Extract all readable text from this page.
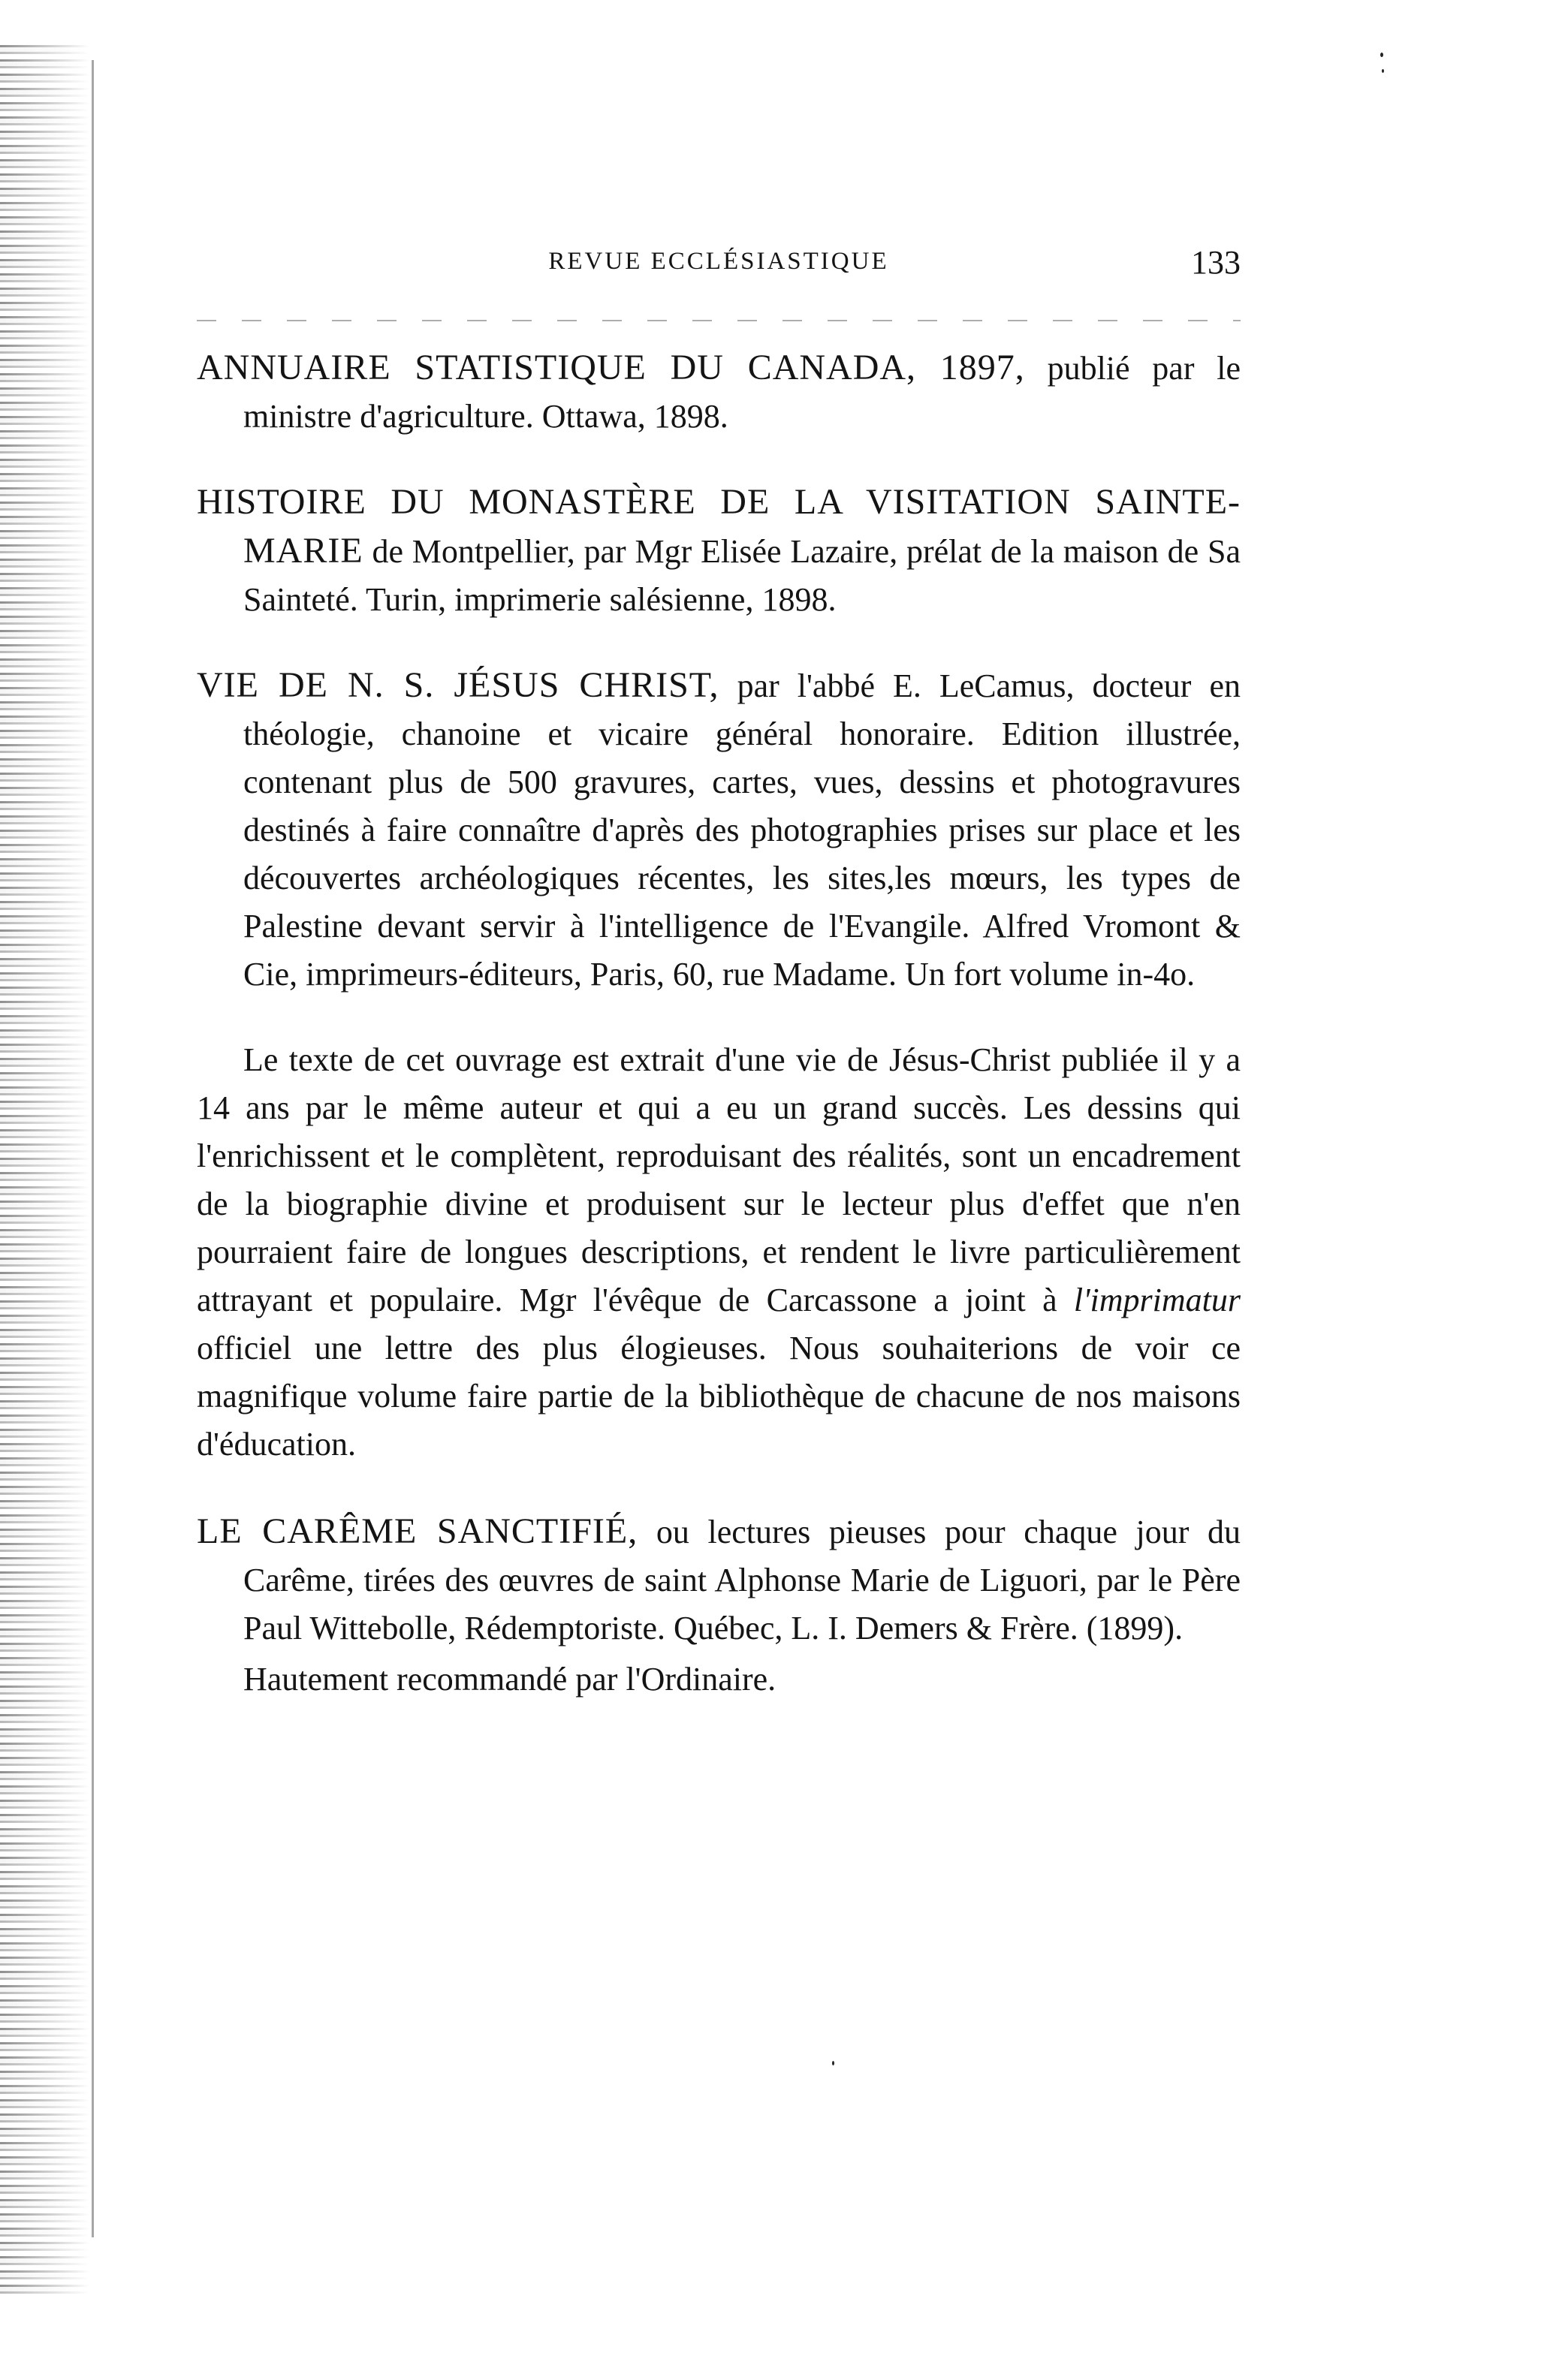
REVUE ECCLÉSIASTIQUE	133

ANNUAIRE STATISTIQUE DU CANADA, 1897, publié par le ministre d'agriculture. Ottawa, 1898.

HISTOIRE DU MONASTÈRE DE LA VISITATION SAINTE-MARIE de Montpellier, par Mgr Elisée Lazaire, prélat de la maison de Sa Sainteté. Turin, imprimerie salésienne, 1898.

VIE DE N. S. JÉSUS CHRIST, par l'abbé E. LeCamus, docteur en théologie, chanoine et vicaire général honoraire. Edition illustrée, contenant plus de 500 gravures, cartes, vues, dessins et photogravures destinés à faire connaître d'après des photographies prises sur place et les découvertes archéologiques récentes, les sites,les mœurs, les types de Palestine devant servir à l'intelligence de l'Evangile. Alfred Vromont & Cie, imprimeurs-éditeurs, Paris, 60, rue Madame. Un fort volume in-4o.

Le texte de cet ouvrage est extrait d'une vie de Jésus-Christ publiée il y a 14 ans par le même auteur et qui a eu un grand succès. Les dessins qui l'enrichissent et le complètent, reproduisant des réalités, sont un encadrement de la biographie divine et produisent sur le lecteur plus d'effet que n'en pourraient faire de longues descriptions, et rendent le livre particulièrement attrayant et populaire. Mgr l'évêque de Carcassone a joint à l'imprimatur officiel une lettre des plus élogieuses. Nous souhaiterions de voir ce magnifique volume faire partie de la bibliothèque de chacune de nos maisons d'éducation.

LE CARÊME SANCTIFIÉ, ou lectures pieuses pour chaque jour du Carême, tirées des œuvres de saint Alphonse Marie de Liguori, par le Père Paul Wittebolle, Rédemptoriste. Québec, L. I. Demers & Frère. (1899).

Hautement recommandé par l'Ordinaire.
